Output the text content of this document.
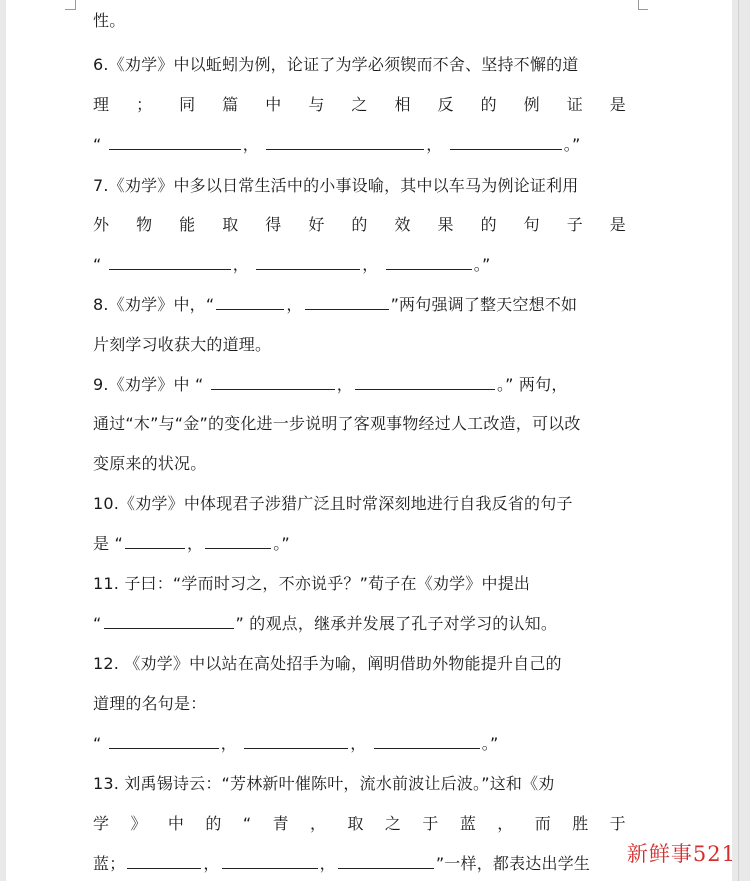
性。
6.《劝学》中以蚯蚓为例，论证了为学必须锲而不舍、坚持不懈的道
理 ； 同 篇 中 与 之 相 反 的 例 证 是
“	，	，	。”
7.《劝学》中多以日常生活中的小事设喻，其中以车马为例论证利用
外 物 能 取 得 好 的 效 果 的 句 子 是
“	，	，	。”
8.《劝学》中，“	，	”两句强调了整天空想不如
片刻学习收获大的道理。
9.《劝学》中 “	，	。” 两句，
通过“木”与“金”的变化进一步说明了客观事物经过人工改造，可以改
变原来的状况。
10.《劝学》中体现君子涉猎广泛且时常深刻地进行自我反省的句子
是 “	，	。”
11. 子曰：“学而时习之，不亦说乎？”荀子在《劝学》中提出
“	” 的观点，继承并发展了孔子对学习的认知。
12. 《劝学》中以站在高处招手为喻，阐明借助外物能提升自己的
道理的名句是：
“	，	，	。”
13. 刘禹锡诗云：“芳林新叶催陈叶，流水前波让后波。”这和《劝
学 》 中 的 “ 青 ， 取 之 于 蓝 ， 而 胜 于
蓝；	，	，	”一样，都表达出学生	新鲜事521
